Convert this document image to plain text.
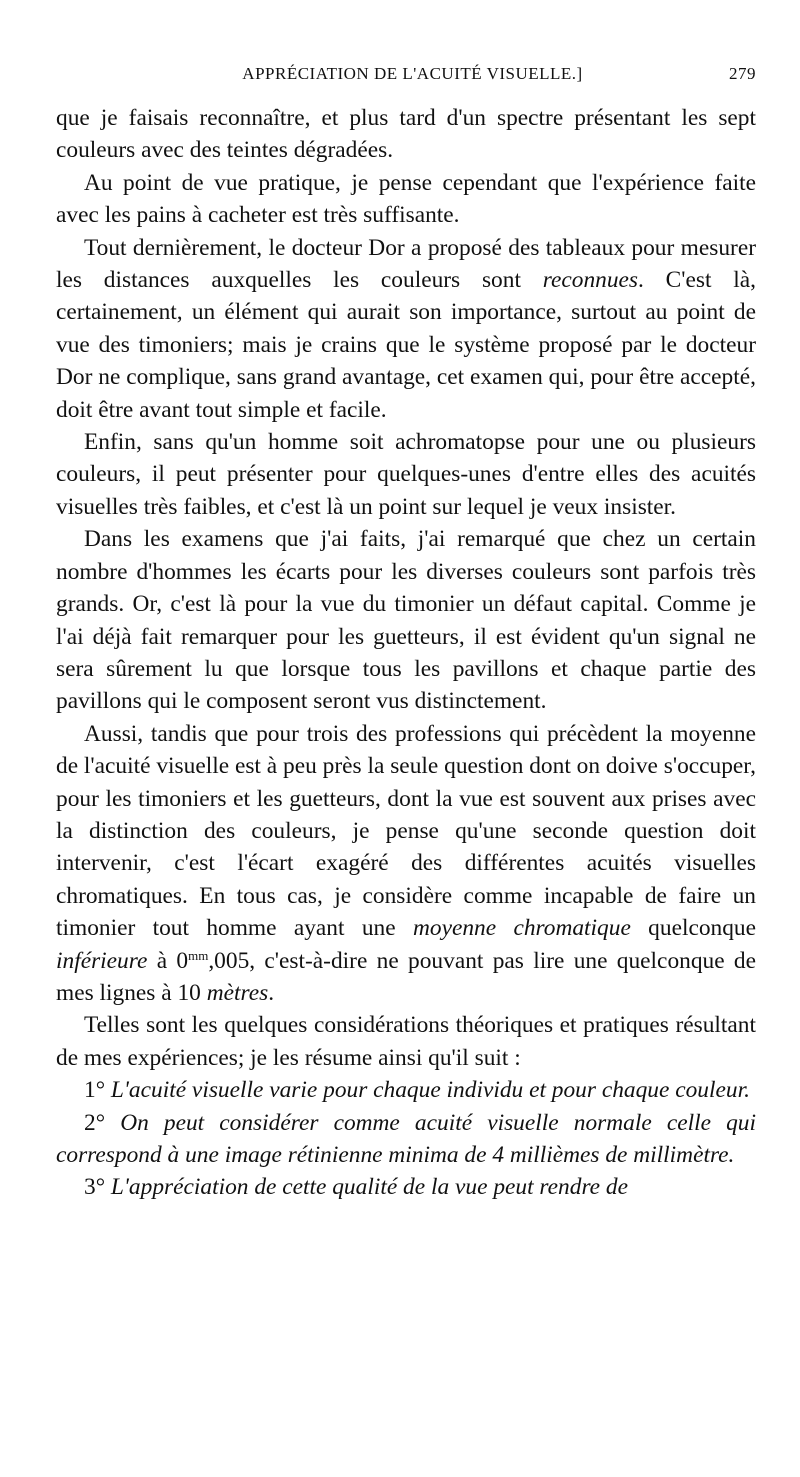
APPRÉCIATION DE L'ACUITÉ VISUELLE.]	279

que je faisais reconnaître, et plus tard d'un spectre présentant les sept couleurs avec des teintes dégradées.

Au point de vue pratique, je pense cependant que l'expérience faite avec les pains à cacheter est très suffisante.

Tout dernièrement, le docteur Dor a proposé des tableaux pour mesurer les distances auxquelles les couleurs sont reconnues. C'est là, certainement, un élément qui aurait son importance, surtout au point de vue des timoniers; mais je crains que le système proposé par le docteur Dor ne complique, sans grand avantage, cet examen qui, pour être accepté, doit être avant tout simple et facile.

Enfin, sans qu'un homme soit achromatopse pour une ou plusieurs couleurs, il peut présenter pour quelques-unes d'entre elles des acuités visuelles très faibles, et c'est là un point sur lequel je veux insister.

Dans les examens que j'ai faits, j'ai remarqué que chez un certain nombre d'hommes les écarts pour les diverses couleurs sont parfois très grands. Or, c'est là pour la vue du timonier un défaut capital. Comme je l'ai déjà fait remarquer pour les guetteurs, il est évident qu'un signal ne sera sûrement lu que lorsque tous les pavillons et chaque partie des pavillons qui le composent seront vus distinctement.

Aussi, tandis que pour trois des professions qui précèdent la moyenne de l'acuité visuelle est à peu près la seule question dont on doive s'occuper, pour les timoniers et les guetteurs, dont la vue est souvent aux prises avec la distinction des couleurs, je pense qu'une seconde question doit intervenir, c'est l'écart exagéré des différentes acuités visuelles chromatiques. En tous cas, je considère comme incapable de faire un timonier tout homme ayant une moyenne chromatique quelconque inférieure à $0^{mm},005$, c'est-à-dire ne pouvant pas lire une quelconque de mes lignes à 10 mètres.

Telles sont les quelques considérations théoriques et pratiques résultant de mes expériences; je les résume ainsi qu'il suit :

1° L'acuité visuelle varie pour chaque individu et pour chaque couleur.

2° On peut considérer comme acuité visuelle normale celle qui correspond à une image rétinienne minima de 4 millièmes de millimètre.

3° L'appréciation de cette qualité de la vue peut rendre de
